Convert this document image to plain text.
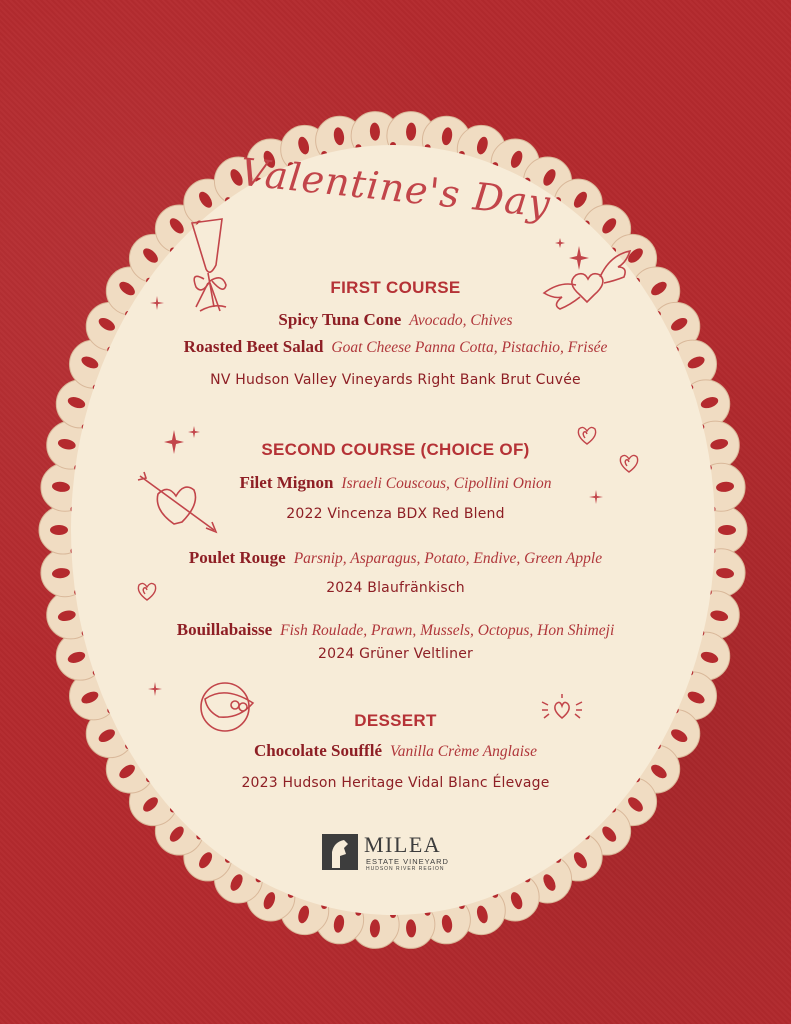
Valentine's Day
FIRST COURSE
Spicy Tuna Cone Avocado, Chives
Roasted Beet Salad Goat Cheese Panna Cotta, Pistachio, Frisée
NV Hudson Valley Vineyards Right Bank Brut Cuvée
SECOND COURSE (CHOICE OF)
Filet Mignon Israeli Couscous, Cipollini Onion
2022 Vincenza BDX Red Blend
Poulet Rouge Parsnip, Asparagus, Potato, Endive, Green Apple
2024 Blaufränkisch
Bouillabaisse Fish Roulade, Prawn, Mussels, Octopus, Hon Shimeji
2024 Grüner Veltliner
DESSERT
Chocolate Soufflé Vanilla Crème Anglaise
2023 Hudson Heritage Vidal Blanc Élevage
MILEA
ESTATE VINEYARD
HUDSON RIVER REGION
